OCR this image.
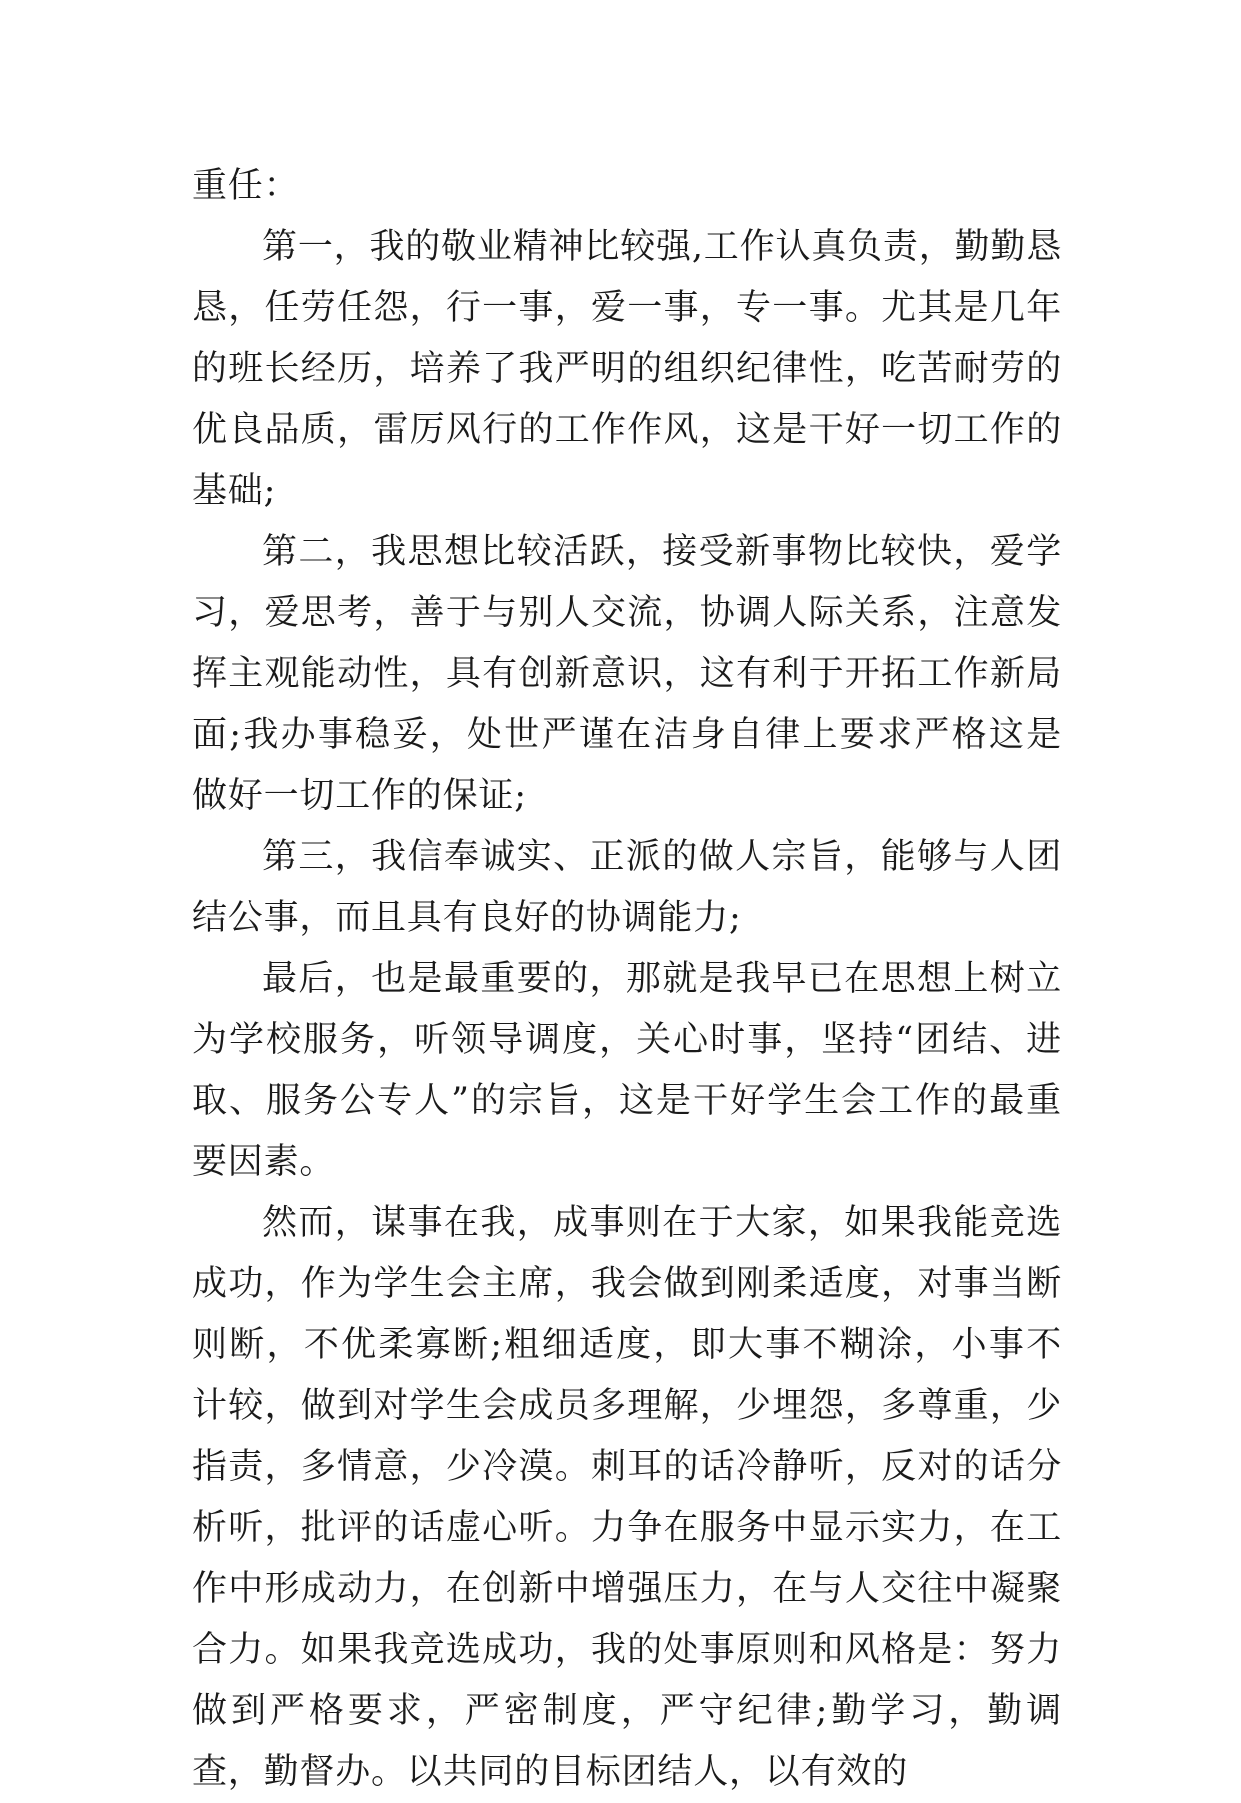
重任：

第一，我的敬业精神比较强,工作认真负责，勤勤恳恳，任劳任怨，行一事，爱一事，专一事。尤其是几年的班长经历，培养了我严明的组织纪律性，吃苦耐劳的优良品质，雷厉风行的工作作风，这是干好一切工作的基础;

第二，我思想比较活跃，接受新事物比较快，爱学习，爱思考，善于与别人交流，协调人际关系，注意发挥主观能动性，具有创新意识，这有利于开拓工作新局面;我办事稳妥，处世严谨在洁身自律上要求严格这是做好一切工作的保证;

第三，我信奉诚实、正派的做人宗旨，能够与人团结公事，而且具有良好的协调能力;

最后，也是最重要的，那就是我早已在思想上树立为学校服务，听领导调度，关心时事，坚持“团结、进取、服务公专人”的宗旨，这是干好学生会工作的最重要因素。

然而，谋事在我，成事则在于大家，如果我能竞选成功，作为学生会主席，我会做到刚柔适度，对事当断则断，不优柔寡断;粗细适度，即大事不糊涂，小事不计较，做到对学生会成员多理解，少埋怨，多尊重，少指责，多情意，少冷漠。刺耳的话冷静听，反对的话分析听，批评的话虚心听。力争在服务中显示实力，在工作中形成动力，在创新中增强压力，在与人交往中凝聚合力。如果我竞选成功，我的处事原则和风格是：努力做到严格要求，严密制度，严守纪律;勤学习，勤调查，勤督办。以共同的目标团结人，以有效的
